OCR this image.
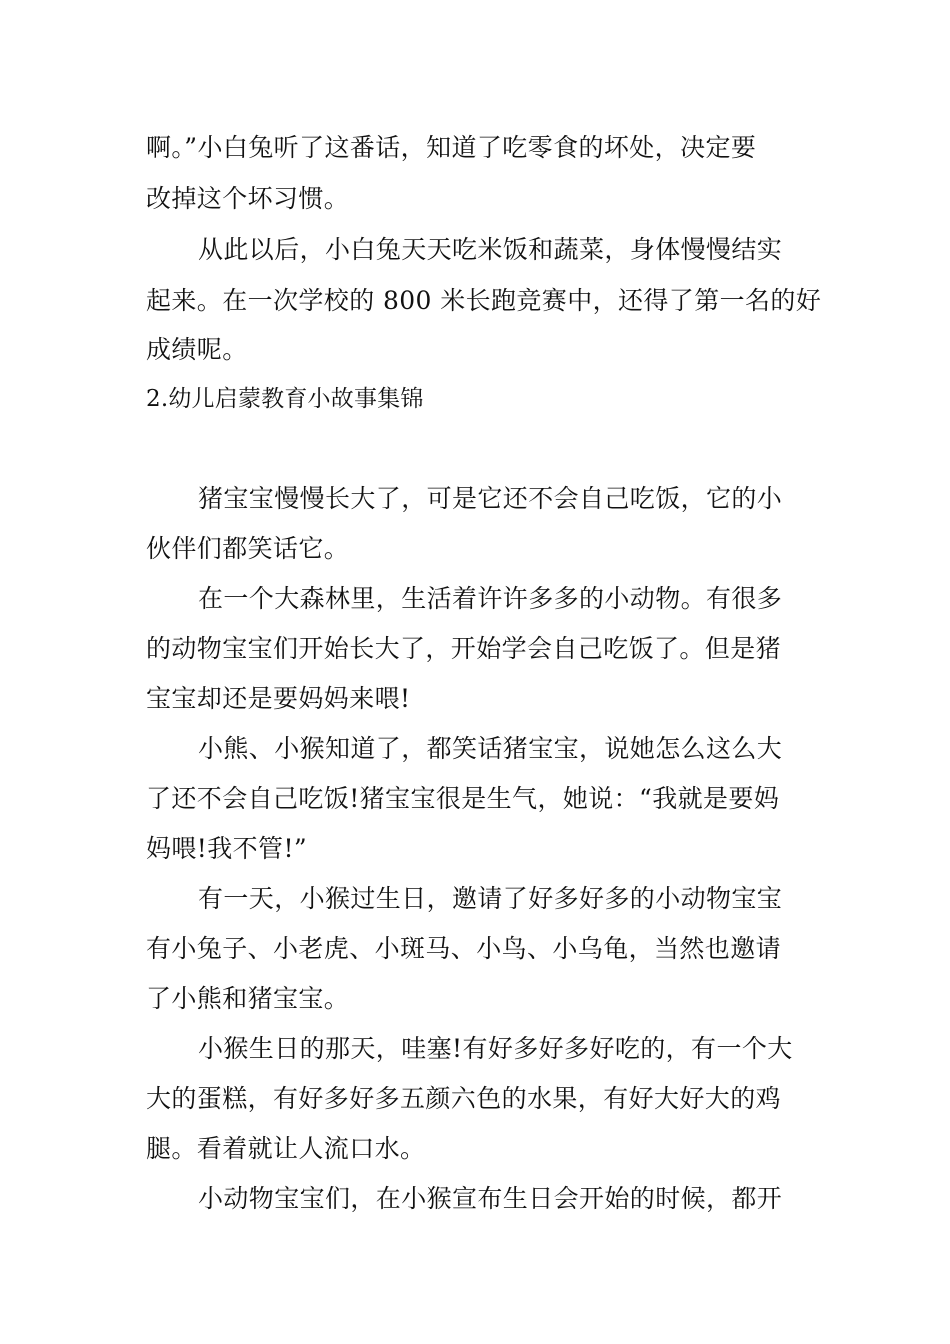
啊。”小白兔听了这番话，知道了吃零食的坏处，决定要
改掉这个坏习惯。
从此以后，小白兔天天吃米饭和蔬菜，身体慢慢结实
起来。在一次学校的 800 米长跑竞赛中，还得了第一名的好
成绩呢。
2.幼儿启蒙教育小故事集锦
猪宝宝慢慢长大了，可是它还不会自己吃饭，它的小
伙伴们都笑话它。
在一个大森林里，生活着许许多多的小动物。有很多
的动物宝宝们开始长大了，开始学会自己吃饭了。但是猪
宝宝却还是要妈妈来喂!
小熊、小猴知道了，都笑话猪宝宝，说她怎么这么大
了还不会自己吃饭!猪宝宝很是生气，她说：“我就是要妈
妈喂!我不管!”
有一天，小猴过生日，邀请了好多好多的小动物宝宝
有小兔子、小老虎、小斑马、小鸟、小乌龟，当然也邀请
了小熊和猪宝宝。
小猴生日的那天，哇塞!有好多好多好吃的，有一个大
大的蛋糕，有好多好多五颜六色的水果，有好大好大的鸡
腿。看着就让人流口水。
小动物宝宝们，在小猴宣布生日会开始的时候，都开
